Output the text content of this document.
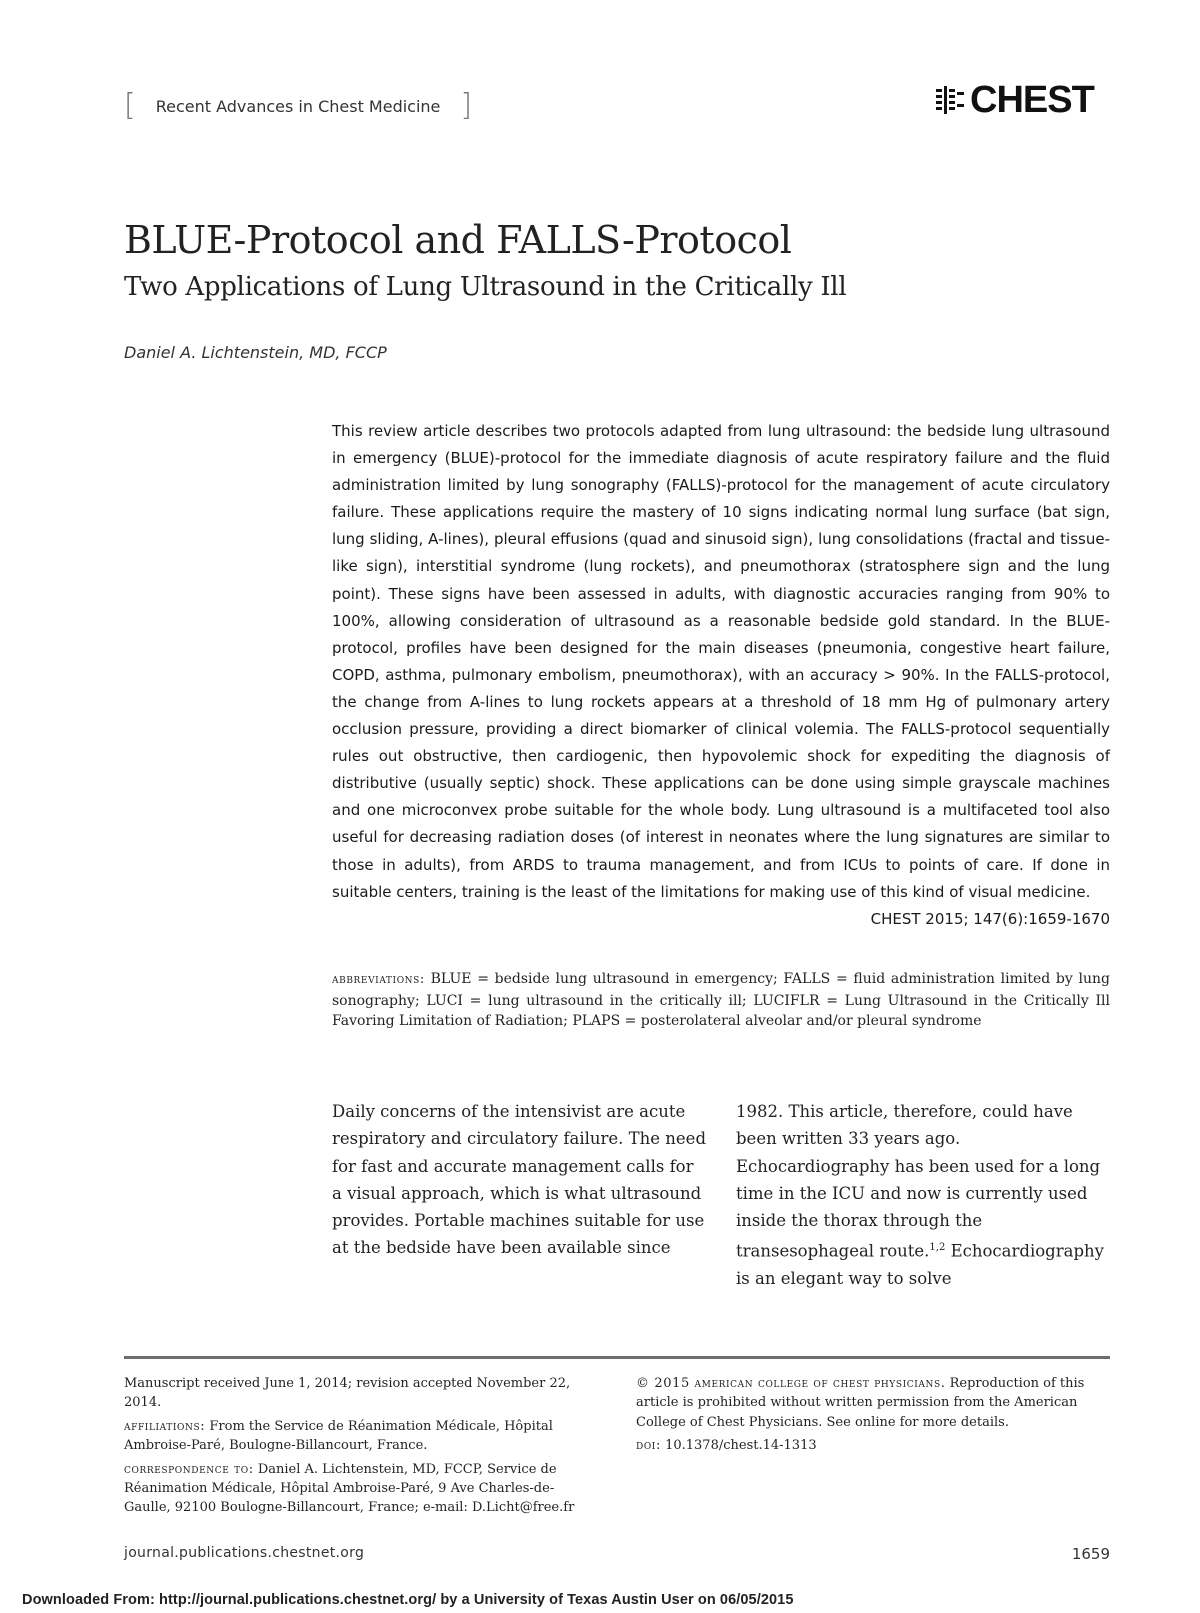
[	Recent Advances in Chest Medicine ]	CHEST
BLUE-Protocol and FALLS-Protocol
Two Applications of Lung Ultrasound in the Critically Ill
Daniel A. Lichtenstein, MD, FCCP
This review article describes two protocols adapted from lung ultrasound: the bedside lung ultrasound in emergency (BLUE)-protocol for the immediate diagnosis of acute respiratory failure and the fluid administration limited by lung sonography (FALLS)-protocol for the management of acute circulatory failure. These applications require the mastery of 10 signs indicating normal lung surface (bat sign, lung sliding, A-lines), pleural effusions (quad and sinusoid sign), lung consolidations (fractal and tissue-like sign), interstitial syndrome (lung rockets), and pneumothorax (stratosphere sign and the lung point). These signs have been assessed in adults, with diagnostic accuracies ranging from 90% to 100%, allowing consideration of ultrasound as a reasonable bedside gold standard. In the BLUE-protocol, profiles have been designed for the main diseases (pneumonia, congestive heart failure, COPD, asthma, pulmonary embolism, pneumothorax), with an accuracy > 90%. In the FALLS-protocol, the change from A-lines to lung rockets appears at a threshold of 18 mm Hg of pulmonary artery occlusion pressure, providing a direct biomarker of clinical volemia. The FALLS-protocol sequentially rules out obstructive, then cardiogenic, then hypovolemic shock for expediting the diagnosis of distributive (usually septic) shock. These applications can be done using simple grayscale machines and one microconvex probe suitable for the whole body. Lung ultrasound is a multifaceted tool also useful for decreasing radiation doses (of interest in neonates where the lung signatures are similar to those in adults), from ARDS to trauma management, and from ICUs to points of care. If done in suitable centers, training is the least of the limitations for making use of this kind of visual medicine.
CHEST 2015; 147(6):1659-1670
abbreviations: BLUE = bedside lung ultrasound in emergency; FALLS = fluid administration limited by lung sonography; LUCI = lung ultrasound in the critically ill; LUCIFLR = Lung Ultrasound in the Critically Ill Favoring Limitation of Radiation; PLAPS = posterolateral alveolar and/or pleural syndrome
Daily concerns of the intensivist are acute respiratory and circulatory failure. The need for fast and accurate management calls for a visual approach, which is what ultrasound provides. Portable machines suitable for use at the bedside have been available since
1982. This article, therefore, could have been written 33 years ago. Echocardiography has been used for a long time in the ICU and now is currently used inside the thorax through the transesophageal route.$^{1,2}$ Echocardiography is an elegant way to solve

Manuscript received June 1, 2014; revision accepted November 22, 2014.

affiliations: From the Service de Réanimation Médicale, Hôpital Ambroise-Paré, Boulogne-Billancourt, France.

correspondence to: Daniel A. Lichtenstein, MD, FCCP, Service de Réanimation Médicale, Hôpital Ambroise-Paré, 9 Ave Charles-de-Gaulle, 92100 Boulogne-Billancourt, France; e-mail: D.Licht@free.fr

© 2015 american college of chest physicians. Reproduction of this article is prohibited without written permission from the American College of Chest Physicians. See online for more details.

doi: 10.1378/chest.14-1313

journal.publications.chestnet.org	1659
Downloaded From: http://journal.publications.chestnet.org/ by a University of Texas Austin User on 06/05/2015
